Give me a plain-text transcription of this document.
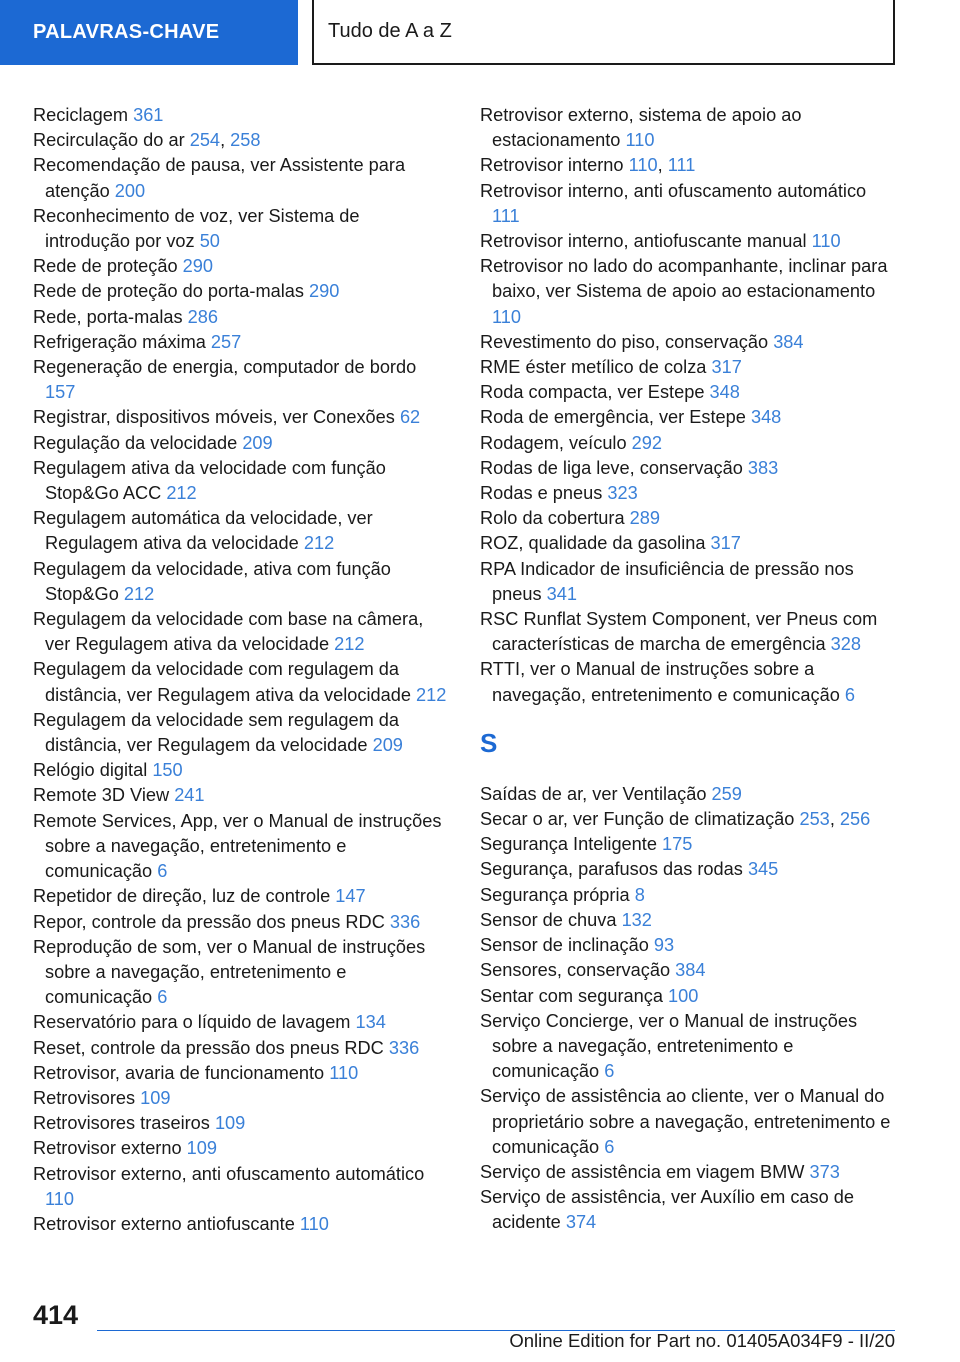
PALAVRAS-CHAVE	Tudo de A a Z
Reciclagem 361
Recirculação do ar 254, 258
Recomendação de pausa, ver Assistente para atenção 200
Reconhecimento de voz, ver Sistema de introdução por voz 50
Rede de proteção 290
Rede de proteção do porta-malas 290
Rede, porta-malas 286
Refrigeração máxima 257
Regeneração de energia, computador de bordo 157
Registrar, dispositivos móveis, ver Conexões 62
Regulação da velocidade 209
Regulagem ativa da velocidade com função Stop&Go ACC 212
Regulagem automática da velocidade, ver Regulagem ativa da velocidade 212
Regulagem da velocidade, ativa com função Stop&Go 212
Regulagem da velocidade com base na câmera, ver Regulagem ativa da velocidade 212
Regulagem da velocidade com regulagem da distância, ver Regulagem ativa da velocidade 212
Regulagem da velocidade sem regulagem da distância, ver Regulagem da velocidade 209
Relógio digital 150
Remote 3D View 241
Remote Services, App, ver o Manual de instruções sobre a navegação, entretenimento e comunicação 6
Repetidor de direção, luz de controle 147
Repor, controle da pressão dos pneus RDC 336
Reprodução de som, ver o Manual de instruções sobre a navegação, entretenimento e comunicação 6
Reservatório para o líquido de lavagem 134
Reset, controle da pressão dos pneus RDC 336
Retrovisor, avaria de funcionamento 110
Retrovisores 109
Retrovisores traseiros 109
Retrovisor externo 109
Retrovisor externo, anti ofuscamento automático 110
Retrovisor externo antiofuscante 110
Retrovisor externo, sistema de apoio ao estacionamento 110
Retrovisor interno 110, 111
Retrovisor interno, anti ofuscamento automático 111
Retrovisor interno, antiofuscante manual 110
Retrovisor no lado do acompanhante, inclinar para baixo, ver Sistema de apoio ao estacionamento 110
Revestimento do piso, conservação 384
RME éster metílico de colza 317
Roda compacta, ver Estepe 348
Roda de emergência, ver Estepe 348
Rodagem, veículo 292
Rodas de liga leve, conservação 383
Rodas e pneus 323
Rolo da cobertura 289
ROZ, qualidade da gasolina 317
RPA Indicador de insuficiência de pressão nos pneus 341
RSC Runflat System Component, ver Pneus com características de marcha de emergência 328
RTTI, ver o Manual de instruções sobre a navegação, entretenimento e comunicação 6
S
Saídas de ar, ver Ventilação 259
Secar o ar, ver Função de climatização 253, 256
Segurança Inteligente 175
Segurança, parafusos das rodas 345
Segurança própria 8
Sensor de chuva 132
Sensor de inclinação 93
Sensores, conservação 384
Sentar com segurança 100
Serviço Concierge, ver o Manual de instruções sobre a navegação, entretenimento e comunicação 6
Serviço de assistência ao cliente, ver o Manual do proprietário sobre a navegação, entretenimento e comunicação 6
Serviço de assistência em viagem BMW 373
Serviço de assistência, ver Auxílio em caso de acidente 374
414
Online Edition for Part no. 01405A034F9 - II/20
